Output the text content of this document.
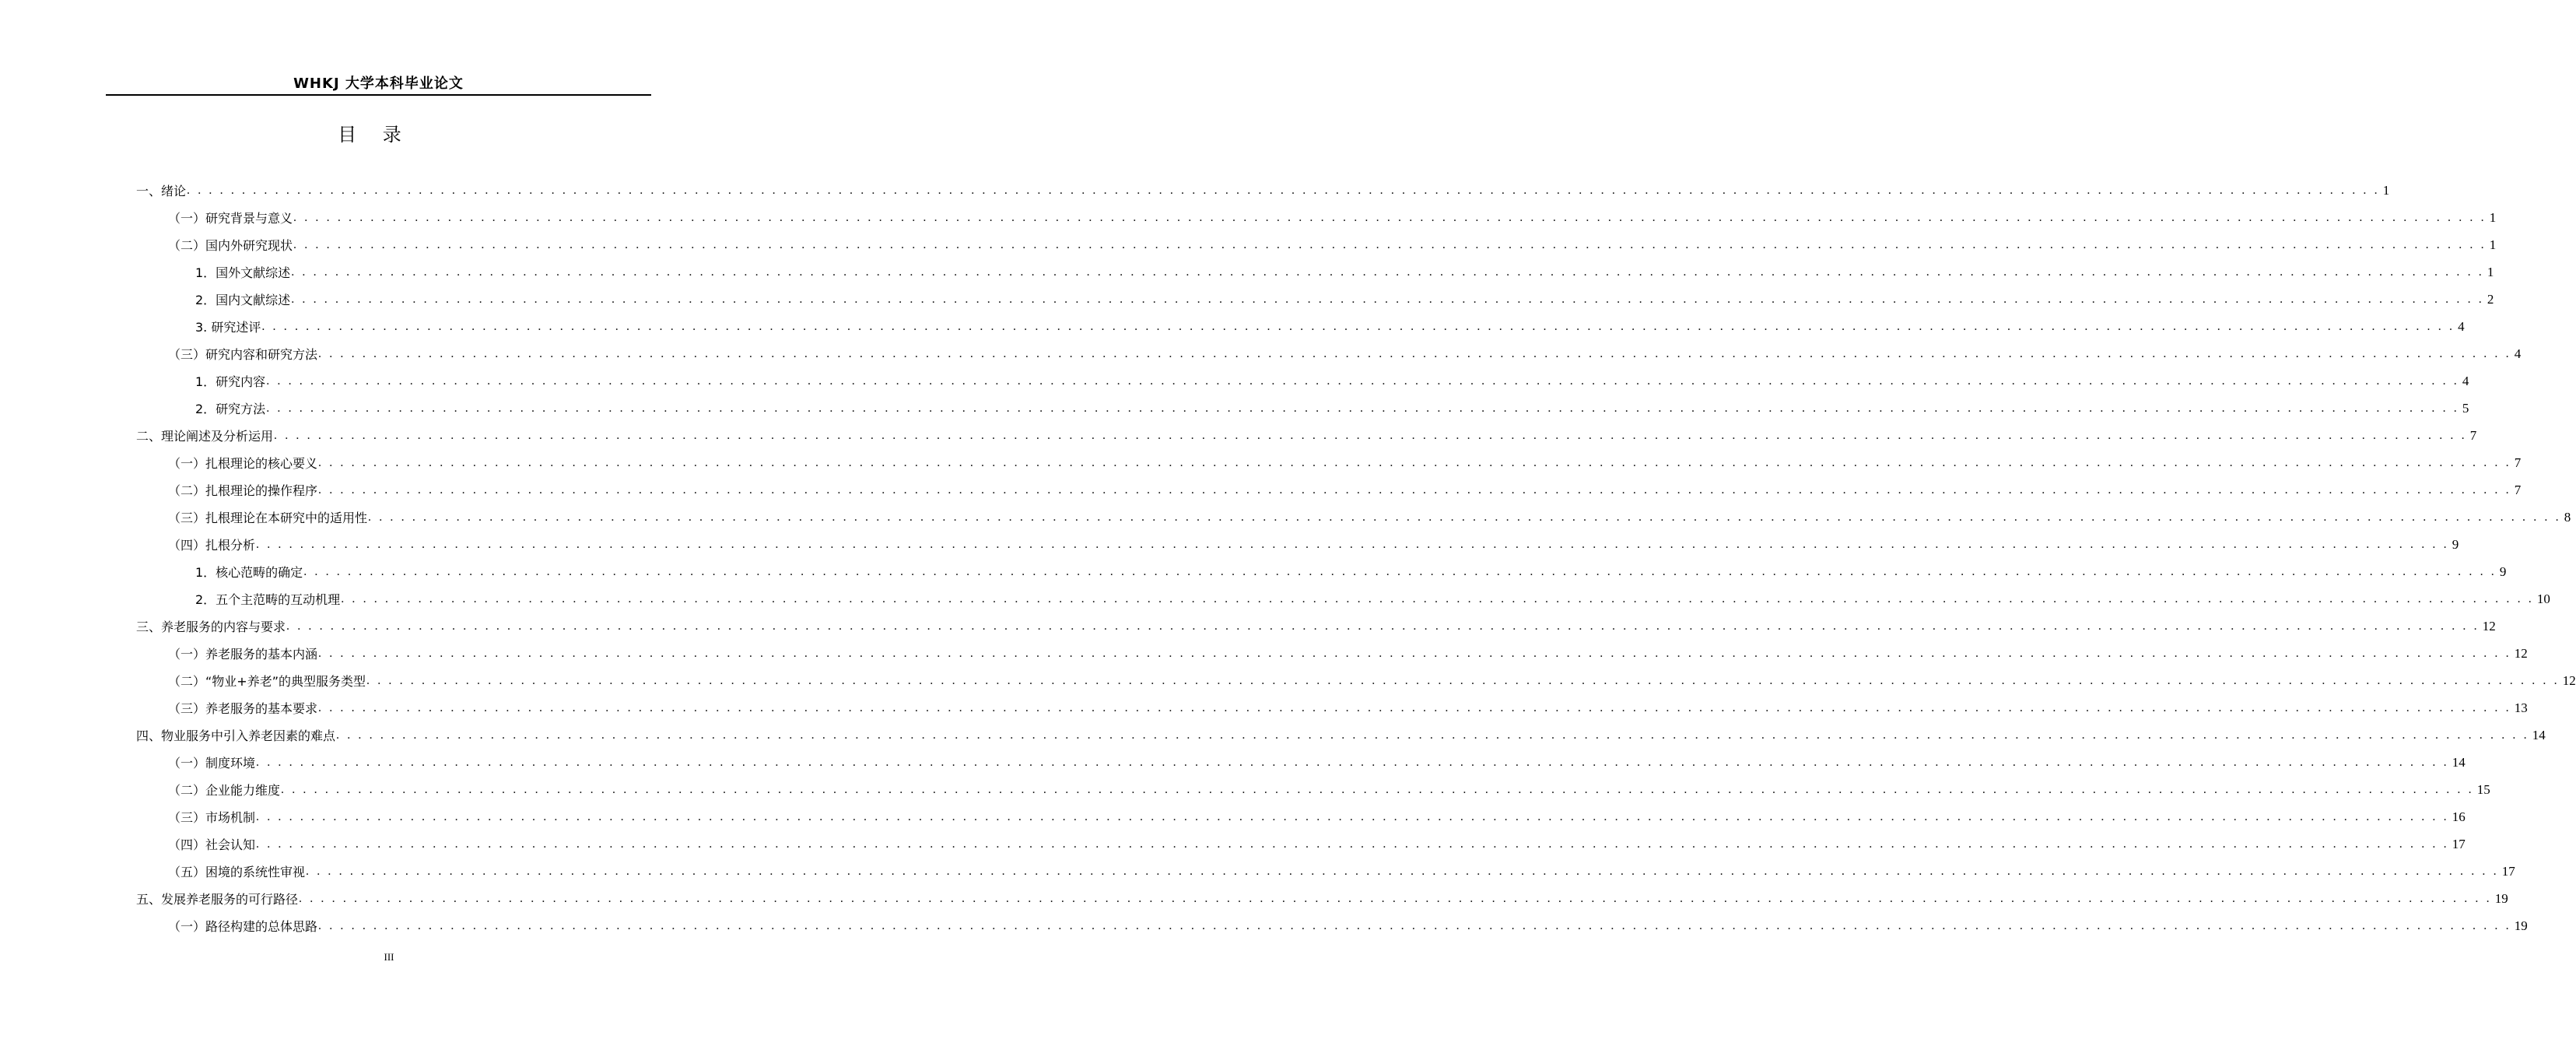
WHKJ 大学本科毕业论文
目 录
一、绪论 . . . . . . . . . . . . . . . . . . . . . . . . . . . . . . . . . . . . . . . . . . . . . . . . . . . . . . . . . . . . . . . . . . . . . . . . . . . . . . . . . . . . . . . . . . . . . . . . . . . . . . . . . . . . . . . . . . . . . . . . . . . . . . . . . . . . . . . . . . . . . . . . . . . . . . . . . . . . . . . . . . . . . . . . . . . . . . . . . . . . . . . . . . . . . . . . . . . . . . . 1
（一）研究背景与意义 . . . . . . . . . . . . . . . . . . . . . . . . . . . . . . . . . . . . . . . . . . . . . . . . . . . . . . . . . . . . . . . . . . . . . . . . . . . . . . . . . . . . . . . . . . . . . . . . . . . . . . . . . . . . . . . . . . . . . . . . . . . . . . . . . . . . . . . . . . . . . . . . . . . . . . . . . . . . . . . . . . . . . . . . . . . . . . . . . . . . . . . . . . . . . . . . . . . . . . . 1
（二）国内外研究现状 . . . . . . . . . . . . . . . . . . . . . . . . . . . . . . . . . . . . . . . . . . . . . . . . . . . . . . . . . . . . . . . . . . . . . . . . . . . . . . . . . . . . . . . . . . . . . . . . . . . . . . . . . . . . . . . . . . . . . . . . . . . . . . . . . . . . . . . . . . . . . . . . . . . . . . . . . . . . . . . . . . . . . . . . . . . . . . . . . . . . . . . . . . . . . . . . . . . . . . . 1
1．国外文献综述 . . . . . . . . . . . . . . . . . . . . . . . . . . . . . . . . . . . . . . . . . . . . . . . . . . . . . . . . . . . . . . . . . . . . . . . . . . . . . . . . . . . . . . . . . . . . . . . . . . . . . . . . . . . . . . . . . . . . . . . . . . . . . . . . . . . . . . . . . . . . . . . . . . . . . . . . . . . . . . . . . . . . . . . . . . . . . . . . . . . . . . . . . . . . . . . . . . . . . . . 1
2．国内文献综述 . . . . . . . . . . . . . . . . . . . . . . . . . . . . . . . . . . . . . . . . . . . . . . . . . . . . . . . . . . . . . . . . . . . . . . . . . . . . . . . . . . . . . . . . . . . . . . . . . . . . . . . . . . . . . . . . . . . . . . . . . . . . . . . . . . . . . . . . . . . . . . . . . . . . . . . . . . . . . . . . . . . . . . . . . . . . . . . . . . . . . . . . . . . . . . . . . . . . . . . 2
3. 研究述评 . . . . . . . . . . . . . . . . . . . . . . . . . . . . . . . . . . . . . . . . . . . . . . . . . . . . . . . . . . . . . . . . . . . . . . . . . . . . . . . . . . . . . . . . . . . . . . . . . . . . . . . . . . . . . . . . . . . . . . . . . . . . . . . . . . . . . . . . . . . . . . . . . . . . . . . . . . . . . . . . . . . . . . . . . . . . . . . . . . . . . . . . . . . . . . . . . . . . . . . 4
（三）研究内容和研究方法 . . . . . . . . . . . . . . . . . . . . . . . . . . . . . . . . . . . . . . . . . . . . . . . . . . . . . . . . . . . . . . . . . . . . . . . . . . . . . . . . . . . . . . . . . . . . . . . . . . . . . . . . . . . . . . . . . . . . . . . . . . . . . . . . . . . . . . . . . . . . . . . . . . . . . . . . . . . . . . . . . . . . . . . . . . . . . . . . . . . . . . . . . . . . . . . . . . . . . . . 4
1．研究内容 . . . . . . . . . . . . . . . . . . . . . . . . . . . . . . . . . . . . . . . . . . . . . . . . . . . . . . . . . . . . . . . . . . . . . . . . . . . . . . . . . . . . . . . . . . . . . . . . . . . . . . . . . . . . . . . . . . . . . . . . . . . . . . . . . . . . . . . . . . . . . . . . . . . . . . . . . . . . . . . . . . . . . . . . . . . . . . . . . . . . . . . . . . . . . . . . . . . . . . . 4
2．研究方法 . . . . . . . . . . . . . . . . . . . . . . . . . . . . . . . . . . . . . . . . . . . . . . . . . . . . . . . . . . . . . . . . . . . . . . . . . . . . . . . . . . . . . . . . . . . . . . . . . . . . . . . . . . . . . . . . . . . . . . . . . . . . . . . . . . . . . . . . . . . . . . . . . . . . . . . . . . . . . . . . . . . . . . . . . . . . . . . . . . . . . . . . . . . . . . . . . . . . . . . 5
二、理论阐述及分析运用 . . . . . . . . . . . . . . . . . . . . . . . . . . . . . . . . . . . . . . . . . . . . . . . . . . . . . . . . . . . . . . . . . . . . . . . . . . . . . . . . . . . . . . . . . . . . . . . . . . . . . . . . . . . . . . . . . . . . . . . . . . . . . . . . . . . . . . . . . . . . . . . . . . . . . . . . . . . . . . . . . . . . . . . . . . . . . . . . . . . . . . . . . . . . . . . . . . . . . . . 7
（一）扎根理论的核心要义 . . . . . . . . . . . . . . . . . . . . . . . . . . . . . . . . . . . . . . . . . . . . . . . . . . . . . . . . . . . . . . . . . . . . . . . . . . . . . . . . . . . . . . . . . . . . . . . . . . . . . . . . . . . . . . . . . . . . . . . . . . . . . . . . . . . . . . . . . . . . . . . . . . . . . . . . . . . . . . . . . . . . . . . . . . . . . . . . . . . . . . . . . . . . . . . . . . . . . . . 7
（二）扎根理论的操作程序 . . . . . . . . . . . . . . . . . . . . . . . . . . . . . . . . . . . . . . . . . . . . . . . . . . . . . . . . . . . . . . . . . . . . . . . . . . . . . . . . . . . . . . . . . . . . . . . . . . . . . . . . . . . . . . . . . . . . . . . . . . . . . . . . . . . . . . . . . . . . . . . . . . . . . . . . . . . . . . . . . . . . . . . . . . . . . . . . . . . . . . . . . . . . . . . . . . . . . . . 7
（三）扎根理论在本研究中的适用性 . . . . . . . . . . . . . . . . . . . . . . . . . . . . . . . . . . . . . . . . . . . . . . . . . . . . . . . . . . . . . . . . . . . . . . . . . . . . . . . . . . . . . . . . . . . . . . . . . . . . . . . . . . . . . . . . . . . . . . . . . . . . . . . . . . . . . . . . . . . . . . . . . . . . . . . . . . . . . . . . . . . . . . . . . . . . . . . . . . . . . . . . . . . . . . . . . . . . . . . 8
（四）扎根分析 . . . . . . . . . . . . . . . . . . . . . . . . . . . . . . . . . . . . . . . . . . . . . . . . . . . . . . . . . . . . . . . . . . . . . . . . . . . . . . . . . . . . . . . . . . . . . . . . . . . . . . . . . . . . . . . . . . . . . . . . . . . . . . . . . . . . . . . . . . . . . . . . . . . . . . . . . . . . . . . . . . . . . . . . . . . . . . . . . . . . . . . . . . . . . . . . . . . . . . . 9
1．核心范畴的确定 . . . . . . . . . . . . . . . . . . . . . . . . . . . . . . . . . . . . . . . . . . . . . . . . . . . . . . . . . . . . . . . . . . . . . . . . . . . . . . . . . . . . . . . . . . . . . . . . . . . . . . . . . . . . . . . . . . . . . . . . . . . . . . . . . . . . . . . . . . . . . . . . . . . . . . . . . . . . . . . . . . . . . . . . . . . . . . . . . . . . . . . . . . . . . . . . . . . . . . . 9
2．五个主范畴的互动机理 . . . . . . . . . . . . . . . . . . . . . . . . . . . . . . . . . . . . . . . . . . . . . . . . . . . . . . . . . . . . . . . . . . . . . . . . . . . . . . . . . . . . . . . . . . . . . . . . . . . . . . . . . . . . . . . . . . . . . . . . . . . . . . . . . . . . . . . . . . . . . . . . . . . . . . . . . . . . . . . . . . . . . . . . . . . . . . . . . . . . . . . . . . . . . . . . . . . . . . . 10
三、养老服务的内容与要求 . . . . . . . . . . . . . . . . . . . . . . . . . . . . . . . . . . . . . . . . . . . . . . . . . . . . . . . . . . . . . . . . . . . . . . . . . . . . . . . . . . . . . . . . . . . . . . . . . . . . . . . . . . . . . . . . . . . . . . . . . . . . . . . . . . . . . . . . . . . . . . . . . . . . . . . . . . . . . . . . . . . . . . . . . . . . . . . . . . . . . . . . . . . . . . . . . . . . . . . 12
（一）养老服务的基本内涵 . . . . . . . . . . . . . . . . . . . . . . . . . . . . . . . . . . . . . . . . . . . . . . . . . . . . . . . . . . . . . . . . . . . . . . . . . . . . . . . . . . . . . . . . . . . . . . . . . . . . . . . . . . . . . . . . . . . . . . . . . . . . . . . . . . . . . . . . . . . . . . . . . . . . . . . . . . . . . . . . . . . . . . . . . . . . . . . . . . . . . . . . . . . . . . . . . . . . . . . 12
（二）“物业+养老”的典型服务类型 . . . . . . . . . . . . . . . . . . . . . . . . . . . . . . . . . . . . . . . . . . . . . . . . . . . . . . . . . . . . . . . . . . . . . . . . . . . . . . . . . . . . . . . . . . . . . . . . . . . . . . . . . . . . . . . . . . . . . . . . . . . . . . . . . . . . . . . . . . . . . . . . . . . . . . . . . . . . . . . . . . . . . . . . . . . . . . . . . . . . . . . . . . . . . . . . . . . . . . . 12
（三）养老服务的基本要求 . . . . . . . . . . . . . . . . . . . . . . . . . . . . . . . . . . . . . . . . . . . . . . . . . . . . . . . . . . . . . . . . . . . . . . . . . . . . . . . . . . . . . . . . . . . . . . . . . . . . . . . . . . . . . . . . . . . . . . . . . . . . . . . . . . . . . . . . . . . . . . . . . . . . . . . . . . . . . . . . . . . . . . . . . . . . . . . . . . . . . . . . . . . . . . . . . . . . . . . 13
四、物业服务中引入养老因素的难点 . . . . . . . . . . . . . . . . . . . . . . . . . . . . . . . . . . . . . . . . . . . . . . . . . . . . . . . . . . . . . . . . . . . . . . . . . . . . . . . . . . . . . . . . . . . . . . . . . . . . . . . . . . . . . . . . . . . . . . . . . . . . . . . . . . . . . . . . . . . . . . . . . . . . . . . . . . . . . . . . . . . . . . . . . . . . . . . . . . . . . . . . . . . . . . . . . . . . . . . 14
（一）制度环境 . . . . . . . . . . . . . . . . . . . . . . . . . . . . . . . . . . . . . . . . . . . . . . . . . . . . . . . . . . . . . . . . . . . . . . . . . . . . . . . . . . . . . . . . . . . . . . . . . . . . . . . . . . . . . . . . . . . . . . . . . . . . . . . . . . . . . . . . . . . . . . . . . . . . . . . . . . . . . . . . . . . . . . . . . . . . . . . . . . . . . . . . . . . . . . . . . . . . . . . 14
（二）企业能力维度 . . . . . . . . . . . . . . . . . . . . . . . . . . . . . . . . . . . . . . . . . . . . . . . . . . . . . . . . . . . . . . . . . . . . . . . . . . . . . . . . . . . . . . . . . . . . . . . . . . . . . . . . . . . . . . . . . . . . . . . . . . . . . . . . . . . . . . . . . . . . . . . . . . . . . . . . . . . . . . . . . . . . . . . . . . . . . . . . . . . . . . . . . . . . . . . . . . . . . . . 15
（三）市场机制 . . . . . . . . . . . . . . . . . . . . . . . . . . . . . . . . . . . . . . . . . . . . . . . . . . . . . . . . . . . . . . . . . . . . . . . . . . . . . . . . . . . . . . . . . . . . . . . . . . . . . . . . . . . . . . . . . . . . . . . . . . . . . . . . . . . . . . . . . . . . . . . . . . . . . . . . . . . . . . . . . . . . . . . . . . . . . . . . . . . . . . . . . . . . . . . . . . . . . . . 16
（四）社会认知 . . . . . . . . . . . . . . . . . . . . . . . . . . . . . . . . . . . . . . . . . . . . . . . . . . . . . . . . . . . . . . . . . . . . . . . . . . . . . . . . . . . . . . . . . . . . . . . . . . . . . . . . . . . . . . . . . . . . . . . . . . . . . . . . . . . . . . . . . . . . . . . . . . . . . . . . . . . . . . . . . . . . . . . . . . . . . . . . . . . . . . . . . . . . . . . . . . . . . . . 17
（五）困境的系统性审视 . . . . . . . . . . . . . . . . . . . . . . . . . . . . . . . . . . . . . . . . . . . . . . . . . . . . . . . . . . . . . . . . . . . . . . . . . . . . . . . . . . . . . . . . . . . . . . . . . . . . . . . . . . . . . . . . . . . . . . . . . . . . . . . . . . . . . . . . . . . . . . . . . . . . . . . . . . . . . . . . . . . . . . . . . . . . . . . . . . . . . . . . . . . . . . . . . . . . . . . 17
五、发展养老服务的可行路径 . . . . . . . . . . . . . . . . . . . . . . . . . . . . . . . . . . . . . . . . . . . . . . . . . . . . . . . . . . . . . . . . . . . . . . . . . . . . . . . . . . . . . . . . . . . . . . . . . . . . . . . . . . . . . . . . . . . . . . . . . . . . . . . . . . . . . . . . . . . . . . . . . . . . . . . . . . . . . . . . . . . . . . . . . . . . . . . . . . . . . . . . . . . . . . . . . . . . . . . 19
（一）路径构建的总体思路 . . . . . . . . . . . . . . . . . . . . . . . . . . . . . . . . . . . . . . . . . . . . . . . . . . . . . . . . . . . . . . . . . . . . . . . . . . . . . . . . . . . . . . . . . . . . . . . . . . . . . . . . . . . . . . . . . . . . . . . . . . . . . . . . . . . . . . . . . . . . . . . . . . . . . . . . . . . . . . . . . . . . . . . . . . . . . . . . . . . . . . . . . . . . . . . . . . . . . . . 19
III
